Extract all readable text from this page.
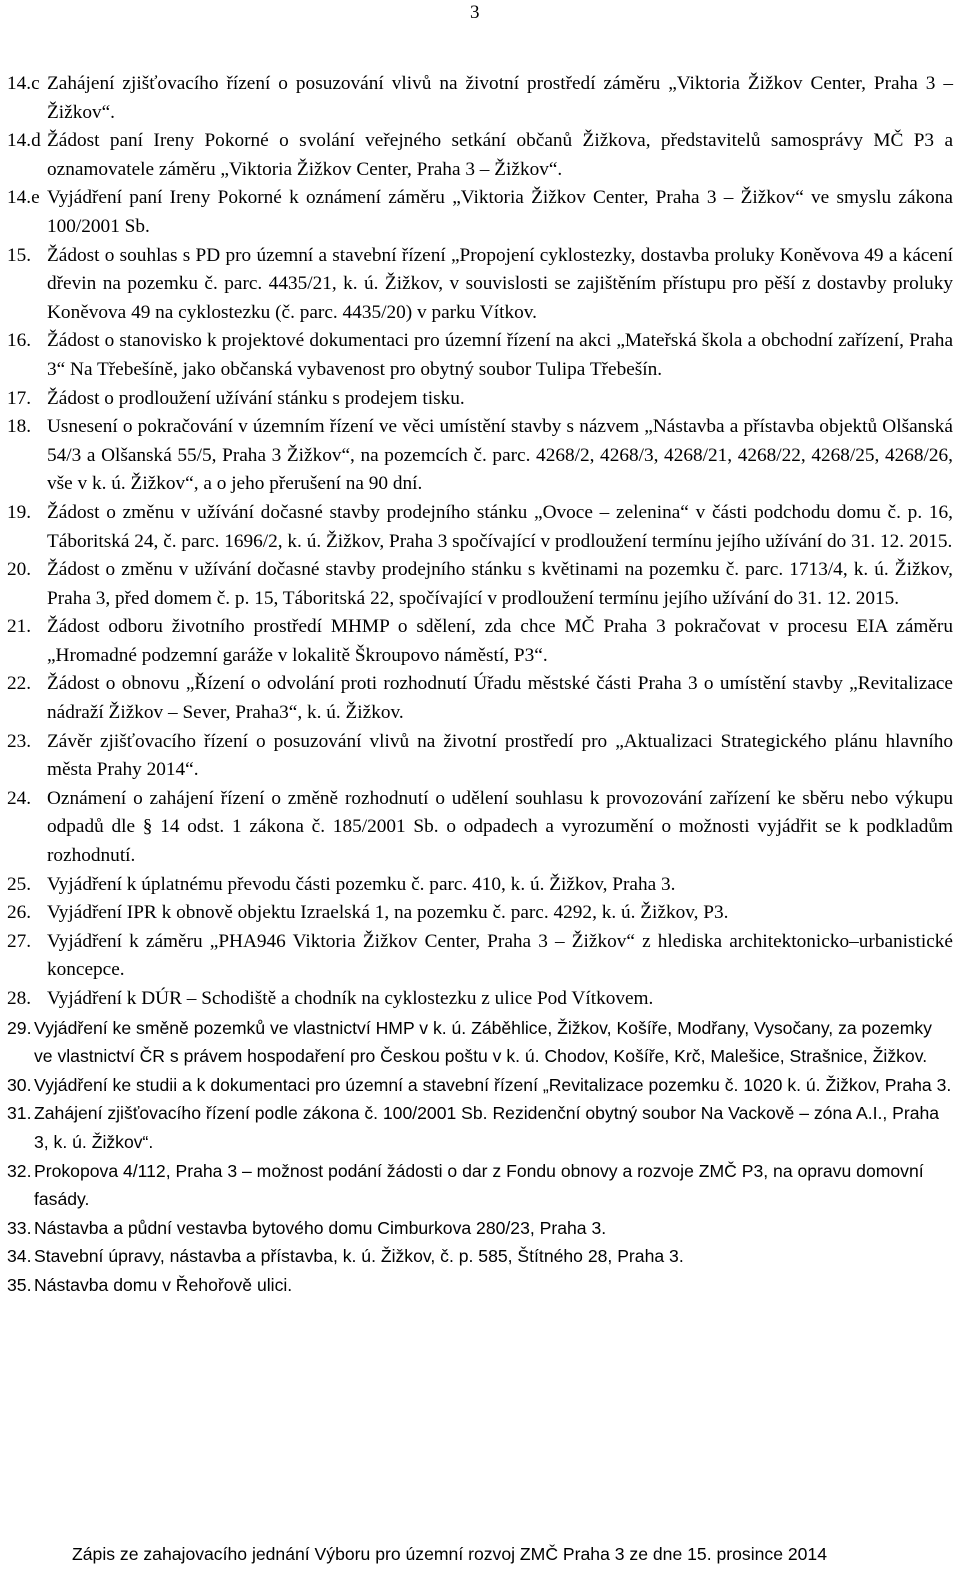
3
14.c Zahájení zjišťovacího řízení o posuzování vlivů na životní prostředí záměru „Viktoria Žižkov Center, Praha 3 – Žižkov“.
14.d Žádost paní Ireny Pokorné o svolání veřejného setkání občanů Žižkova, představitelů samosprávy MČ P3 a oznamovatele záměru „Viktoria Žižkov Center, Praha 3 – Žižkov“.
14.e Vyjádření paní Ireny Pokorné k oznámení záměru „Viktoria Žižkov Center, Praha 3 – Žižkov“ ve smyslu zákona 100/2001 Sb.
15. Žádost o souhlas s PD pro územní a stavební řízení „Propojení cyklostezky, dostavba proluky Koněvova 49 a kácení dřevin na pozemku č. parc. 4435/21, k. ú. Žižkov, v souvislosti se zajištěním přístupu pro pěší z dostavby proluky Koněvova 49 na cyklostezku (č. parc. 4435/20) v parku Vítkov.
16. Žádost o stanovisko k projektové dokumentaci pro územní řízení na akci „Mateřská škola a obchodní zařízení, Praha 3“ Na Třebešíně, jako občanská vybavenost pro obytný soubor Tulipa Třebešín.
17. Žádost o prodloužení užívání stánku s prodejem tisku.
18. Usnesení o pokračování v územním řízení ve věci umístění stavby s názvem „Nástavba a přístavba objektů Olšanská 54/3 a Olšanská 55/5, Praha 3 Žižkov“, na pozemcích č. parc. 4268/2, 4268/3, 4268/21, 4268/22, 4268/25, 4268/26, vše v k. ú. Žižkov“, a o jeho přerušení na 90 dní.
19. Žádost o změnu v užívání dočasné stavby prodejního stánku „Ovoce – zelenina“ v části podchodu domu č. p. 16, Táboritská 24, č. parc. 1696/2, k. ú. Žižkov, Praha 3 spočívající v prodloužení termínu jejího užívání do 31. 12. 2015.
20. Žádost o změnu v užívání dočasné stavby prodejního stánku s květinami na pozemku č. parc. 1713/4, k. ú. Žižkov, Praha 3, před domem č. p. 15, Táboritská 22, spočívající v prodloužení termínu jejího užívání do 31. 12. 2015.
21. Žádost odboru životního prostředí MHMP o sdělení, zda chce MČ Praha 3 pokračovat v procesu EIA záměru „Hromadné podzemní garáže v lokalitě Škroupovo náměstí, P3“.
22. Žádost o obnovu „Řízení o odvolání proti rozhodnutí Úřadu městské části Praha 3 o umístění stavby „Revitalizace nádraží Žižkov – Sever, Praha3“, k. ú. Žižkov.
23. Závěr zjišťovacího řízení o posuzování vlivů na životní prostředí pro „Aktualizaci Strategického plánu hlavního města Prahy 2014“.
24. Oznámení o zahájení řízení o změně rozhodnutí o udělení souhlasu k provozování zařízení ke sběru nebo výkupu odpadů dle § 14 odst. 1 zákona č. 185/2001 Sb. o odpadech a vyrozumění o možnosti vyjádřit se k podkladům rozhodnutí.
25. Vyjádření k úplatnému převodu části pozemku č. parc. 410, k. ú. Žižkov, Praha 3.
26. Vyjádření IPR k obnově objektu Izraelská 1, na pozemku č. parc. 4292, k. ú. Žižkov, P3.
27. Vyjádření k záměru „PHA946 Viktoria Žižkov Center, Praha 3 – Žižkov“ z hlediska architektonicko–urbanistické koncepce.
28. Vyjádření k DÚR – Schodiště a chodník na cyklostezku z ulice Pod Vítkovem.
29. Vyjádření ke směně pozemků ve vlastnictví HMP v k. ú. Záběhlice, Žižkov, Košíře, Modřany, Vysočany, za pozemky ve vlastnictví ČR s právem hospodaření pro Českou poštu v k. ú. Chodov, Košíře, Krč, Malešice, Strašnice, Žižkov.
30. Vyjádření ke studii a k dokumentaci pro územní a stavební řízení „Revitalizace pozemku č. 1020 k. ú. Žižkov, Praha 3.
31. Zahájení zjišťovacího řízení podle zákona č. 100/2001 Sb. Rezidenční obytný soubor Na Vackově – zóna A.I., Praha 3, k. ú. Žižkov“.
32. Prokopova 4/112, Praha 3 – možnost podání žádosti o dar z Fondu obnovy a rozvoje ZMČ P3, na opravu domovní fasády.
33. Nástavba a půdní vestavba bytového domu Cimburkova 280/23, Praha 3.
34. Stavební úpravy, nástavba a přístavba, k. ú. Žižkov, č. p. 585, Štítného 28, Praha 3.
35. Nástavba domu v Řehořově ulici.
Zápis ze zahajovacího jednání Výboru pro územní rozvoj ZMČ Praha 3 ze dne 15. prosince 2014
